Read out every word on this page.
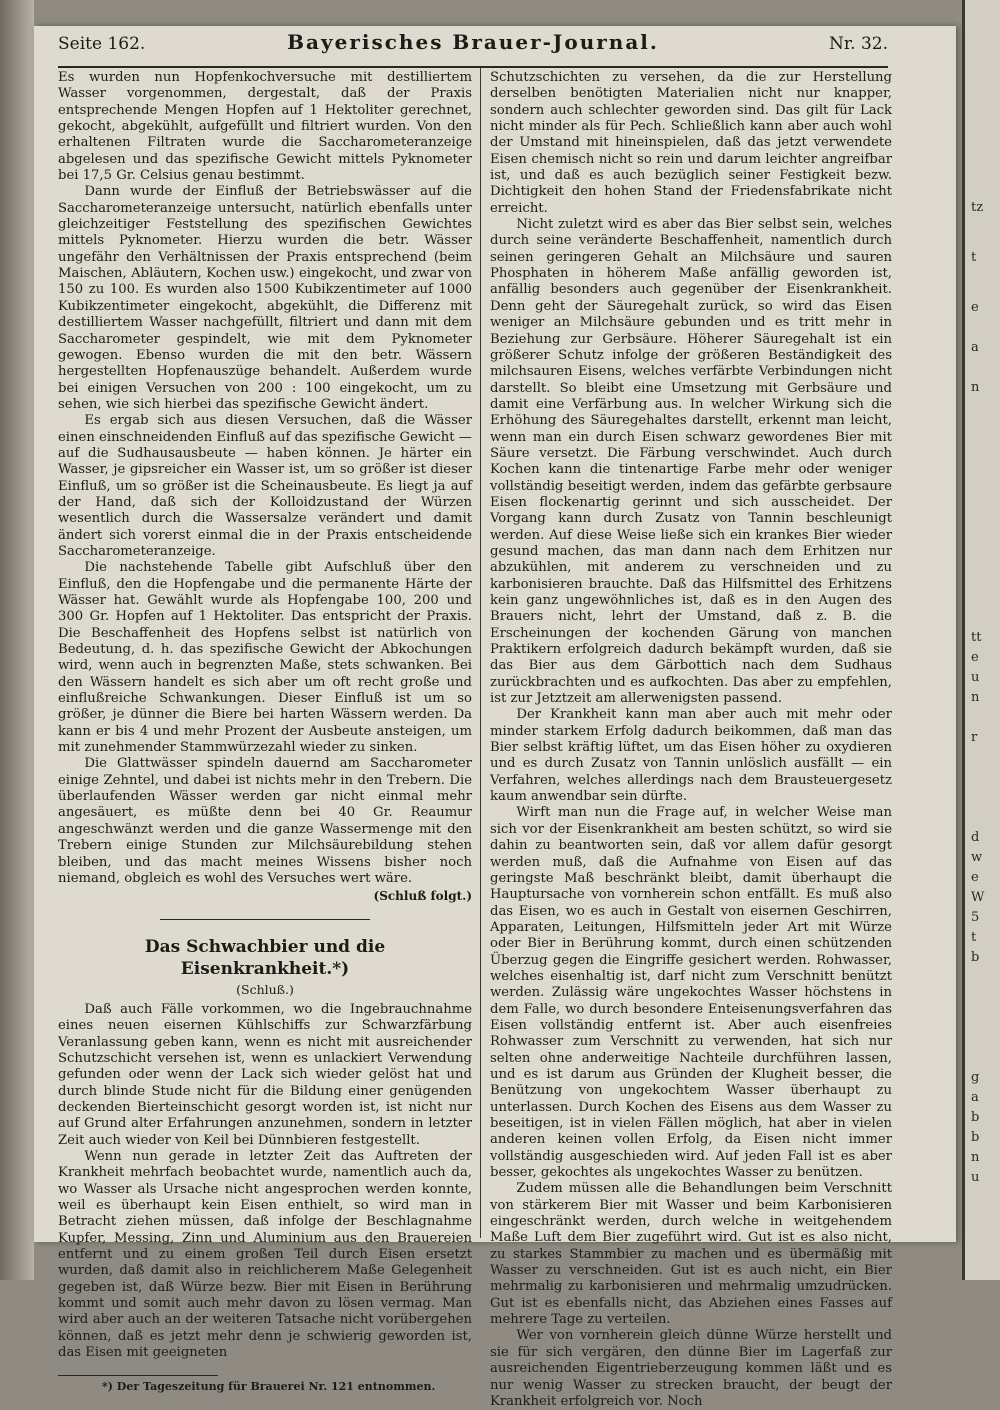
tz
t
e
a
n
tt
e
u
n
r
d
w
e
W
5
t
b
g
a
b
b
n
u
Seite 162.	Bayerisches Brauer-Journal.	Nr. 32.

Es wurden nun Hopfenkochversuche mit destilliertem Wasser vorgenommen, dergestalt, daß der Praxis entsprechende Mengen Hopfen auf 1 Hektoliter gerechnet, gekocht, abgekühlt, aufgefüllt und filtriert wurden. Von den erhaltenen Filtraten wurde die Saccharometeranzeige abgelesen und das spezifische Gewicht mittels Pyknometer bei 17,5 Gr. Celsius genau bestimmt.

Dann wurde der Einfluß der Betriebswässer auf die Saccharometeranzeige untersucht, natürlich ebenfalls unter gleichzeitiger Feststellung des spezifischen Gewichtes mittels Pyknometer. Hierzu wurden die betr. Wässer ungefähr den Verhältnissen der Praxis entsprechend (beim Maischen, Abläutern, Kochen usw.) eingekocht, und zwar von 150 zu 100. Es wurden also 1500 Kubikzentimeter auf 1000 Kubikzentimeter eingekocht, abgekühlt, die Differenz mit destilliertem Wasser nachgefüllt, filtriert und dann mit dem Saccharometer gespindelt, wie mit dem Pyknometer gewogen. Ebenso wurden die mit den betr. Wässern hergestellten Hopfenauszüge behandelt. Außerdem wurde bei einigen Versuchen von 200 : 100 eingekocht, um zu sehen, wie sich hierbei das spezifische Gewicht ändert.

Es ergab sich aus diesen Versuchen, daß die Wässer einen einschneidenden Einfluß auf das spezifische Gewicht — auf die Sudhausausbeute — haben können. Je härter ein Wasser, je gipsreicher ein Wasser ist, um so größer ist dieser Einfluß, um so größer ist die Scheinausbeute. Es liegt ja auf der Hand, daß sich der Kolloidzustand der Würzen wesentlich durch die Wassersalze verändert und damit ändert sich vorerst einmal die in der Praxis entscheidende Saccharometeranzeige.

Die nachstehende Tabelle gibt Aufschluß über den Einfluß, den die Hopfengabe und die permanente Härte der Wässer hat. Gewählt wurde als Hopfengabe 100, 200 und 300 Gr. Hopfen auf 1 Hektoliter. Das entspricht der Praxis. Die Beschaffenheit des Hopfens selbst ist natürlich von Bedeutung, d. h. das spezifische Gewicht der Abkochungen wird, wenn auch in begrenzten Maße, stets schwanken. Bei den Wässern handelt es sich aber um oft recht große und einflußreiche Schwankungen. Dieser Einfluß ist um so größer, je dünner die Biere bei harten Wässern werden. Da kann er bis 4 und mehr Prozent der Ausbeute ansteigen, um mit zunehmender Stammwürzezahl wieder zu sinken.

Die Glattwässer spindeln dauernd am Saccharometer einige Zehntel, und dabei ist nichts mehr in den Trebern. Die überlaufenden Wässer werden gar nicht einmal mehr angesäuert, es müßte denn bei 40 Gr. Reaumur angeschwänzt werden und die ganze Wassermenge mit den Trebern einige Stunden zur Milchsäurebildung stehen bleiben, und das macht meines Wissens bisher noch niemand, obgleich es wohl des Versuches wert wäre.

(Schluß folgt.)
Das Schwachbier und die Eisenkrankheit.*)
(Schluß.)

Daß auch Fälle vorkommen, wo die Ingebrauchnahme eines neuen eisernen Kühlschiffs zur Schwarzfärbung Veranlassung geben kann, wenn es nicht mit ausreichender Schutzschicht versehen ist, wenn es unlackiert Verwendung gefunden oder wenn der Lack sich wieder gelöst hat und durch blinde Stude nicht für die Bildung einer genügenden deckenden Bierteinschicht gesorgt worden ist, ist nicht nur auf Grund alter Erfahrungen anzunehmen, sondern in letzter Zeit auch wieder von Keil bei Dünnbieren festgestellt.

Wenn nun gerade in letzter Zeit das Auftreten der Krankheit mehrfach beobachtet wurde, namentlich auch da, wo Wasser als Ursache nicht angesprochen werden konnte, weil es überhaupt kein Eisen enthielt, so wird man in Betracht ziehen müssen, daß infolge der Beschlagnahme Kupfer, Messing, Zinn und Aluminium aus den Brauereien entfernt und zu einem großen Teil durch Eisen ersetzt wurden, daß damit also in reichlicherem Maße Gelegenheit gegeben ist, daß Würze bezw. Bier mit Eisen in Berührung kommt und somit auch mehr davon zu lösen vermag. Man wird aber auch an der weiteren Tatsache nicht vorübergehen können, daß es jetzt mehr denn je schwierig geworden ist, das Eisen mit geeigneten

*) Der Tageszeitung für Brauerei Nr. 121 entnommen.

Schutzschichten zu versehen, da die zur Herstellung derselben benötigten Materialien nicht nur knapper, sondern auch schlechter geworden sind. Das gilt für Lack nicht minder als für Pech. Schließlich kann aber auch wohl der Umstand mit hineinspielen, daß das jetzt verwendete Eisen chemisch nicht so rein und darum leichter angreifbar ist, und daß es auch bezüglich seiner Festigkeit bezw. Dichtigkeit den hohen Stand der Friedensfabrikate nicht erreicht.

Nicht zuletzt wird es aber das Bier selbst sein, welches durch seine veränderte Beschaffenheit, namentlich durch seinen geringeren Gehalt an Milchsäure und sauren Phosphaten in höherem Maße anfällig geworden ist, anfällig besonders auch gegenüber der Eisenkrankheit. Denn geht der Säuregehalt zurück, so wird das Eisen weniger an Milchsäure gebunden und es tritt mehr in Beziehung zur Gerbsäure. Höherer Säuregehalt ist ein größerer Schutz infolge der größeren Beständigkeit des milchsauren Eisens, welches verfärbte Verbindungen nicht darstellt. So bleibt eine Umsetzung mit Gerbsäure und damit eine Verfärbung aus. In welcher Wirkung sich die Erhöhung des Säuregehaltes darstellt, erkennt man leicht, wenn man ein durch Eisen schwarz gewordenes Bier mit Säure versetzt. Die Färbung verschwindet. Auch durch Kochen kann die tintenartige Farbe mehr oder weniger vollständig beseitigt werden, indem das gefärbte gerbsaure Eisen flockenartig gerinnt und sich ausscheidet. Der Vorgang kann durch Zusatz von Tannin beschleunigt werden. Auf diese Weise ließe sich ein krankes Bier wieder gesund machen, das man dann nach dem Erhitzen nur abzukühlen, mit anderem zu verschneiden und zu karbonisieren brauchte. Daß das Hilfsmittel des Erhitzens kein ganz ungewöhnliches ist, daß es in den Augen des Brauers nicht, lehrt der Umstand, daß z. B. die Erscheinungen der kochenden Gärung von manchen Praktikern erfolgreich dadurch bekämpft wurden, daß sie das Bier aus dem Gärbottich nach dem Sudhaus zurückbrachten und es aufkochten. Das aber zu empfehlen, ist zur Jetztzeit am allerwenigsten passend.

Der Krankheit kann man aber auch mit mehr oder minder starkem Erfolg dadurch beikommen, daß man das Bier selbst kräftig lüftet, um das Eisen höher zu oxydieren und es durch Zusatz von Tannin unlöslich ausfällt — ein Verfahren, welches allerdings nach dem Brausteuergesetz kaum anwendbar sein dürfte.

Wirft man nun die Frage auf, in welcher Weise man sich vor der Eisenkrankheit am besten schützt, so wird sie dahin zu beantworten sein, daß vor allem dafür gesorgt werden muß, daß die Aufnahme von Eisen auf das geringste Maß beschränkt bleibt, damit überhaupt die Hauptursache von vornherein schon entfällt. Es muß also das Eisen, wo es auch in Gestalt von eisernen Geschirren, Apparaten, Leitungen, Hilfsmitteln jeder Art mit Würze oder Bier in Berührung kommt, durch einen schützenden Überzug gegen die Eingriffe gesichert werden. Rohwasser, welches eisenhaltig ist, darf nicht zum Verschnitt benützt werden. Zulässig wäre ungekochtes Wasser höchstens in dem Falle, wo durch besondere Enteisenungsverfahren das Eisen vollständig entfernt ist. Aber auch eisenfreies Rohwasser zum Verschnitt zu verwenden, hat sich nur selten ohne anderweitige Nachteile durchführen lassen, und es ist darum aus Gründen der Klugheit besser, die Benützung von ungekochtem Wasser überhaupt zu unterlassen. Durch Kochen des Eisens aus dem Wasser zu beseitigen, ist in vielen Fällen möglich, hat aber in vielen anderen keinen vollen Erfolg, da Eisen nicht immer vollständig ausgeschieden wird. Auf jeden Fall ist es aber besser, gekochtes als ungekochtes Wasser zu benützen.

Zudem müssen alle die Behandlungen beim Verschnitt von stärkerem Bier mit Wasser und beim Karbonisieren eingeschränkt werden, durch welche in weitgehendem Maße Luft dem Bier zugeführt wird. Gut ist es also nicht, zu starkes Stammbier zu machen und es übermäßig mit Wasser zu verschneiden. Gut ist es auch nicht, ein Bier mehrmalig zu karbonisieren und mehrmalig umzudrücken. Gut ist es ebenfalls nicht, das Abziehen eines Fasses auf mehrere Tage zu verteilen.

Wer von vornherein gleich dünne Würze herstellt und sie für sich vergären, den dünne Bier im Lagerfaß zur ausreichenden Eigentrieberzeugung kommen läßt und es nur wenig Wasser zu strecken braucht, der beugt der Krankheit erfolgreich vor. Noch
